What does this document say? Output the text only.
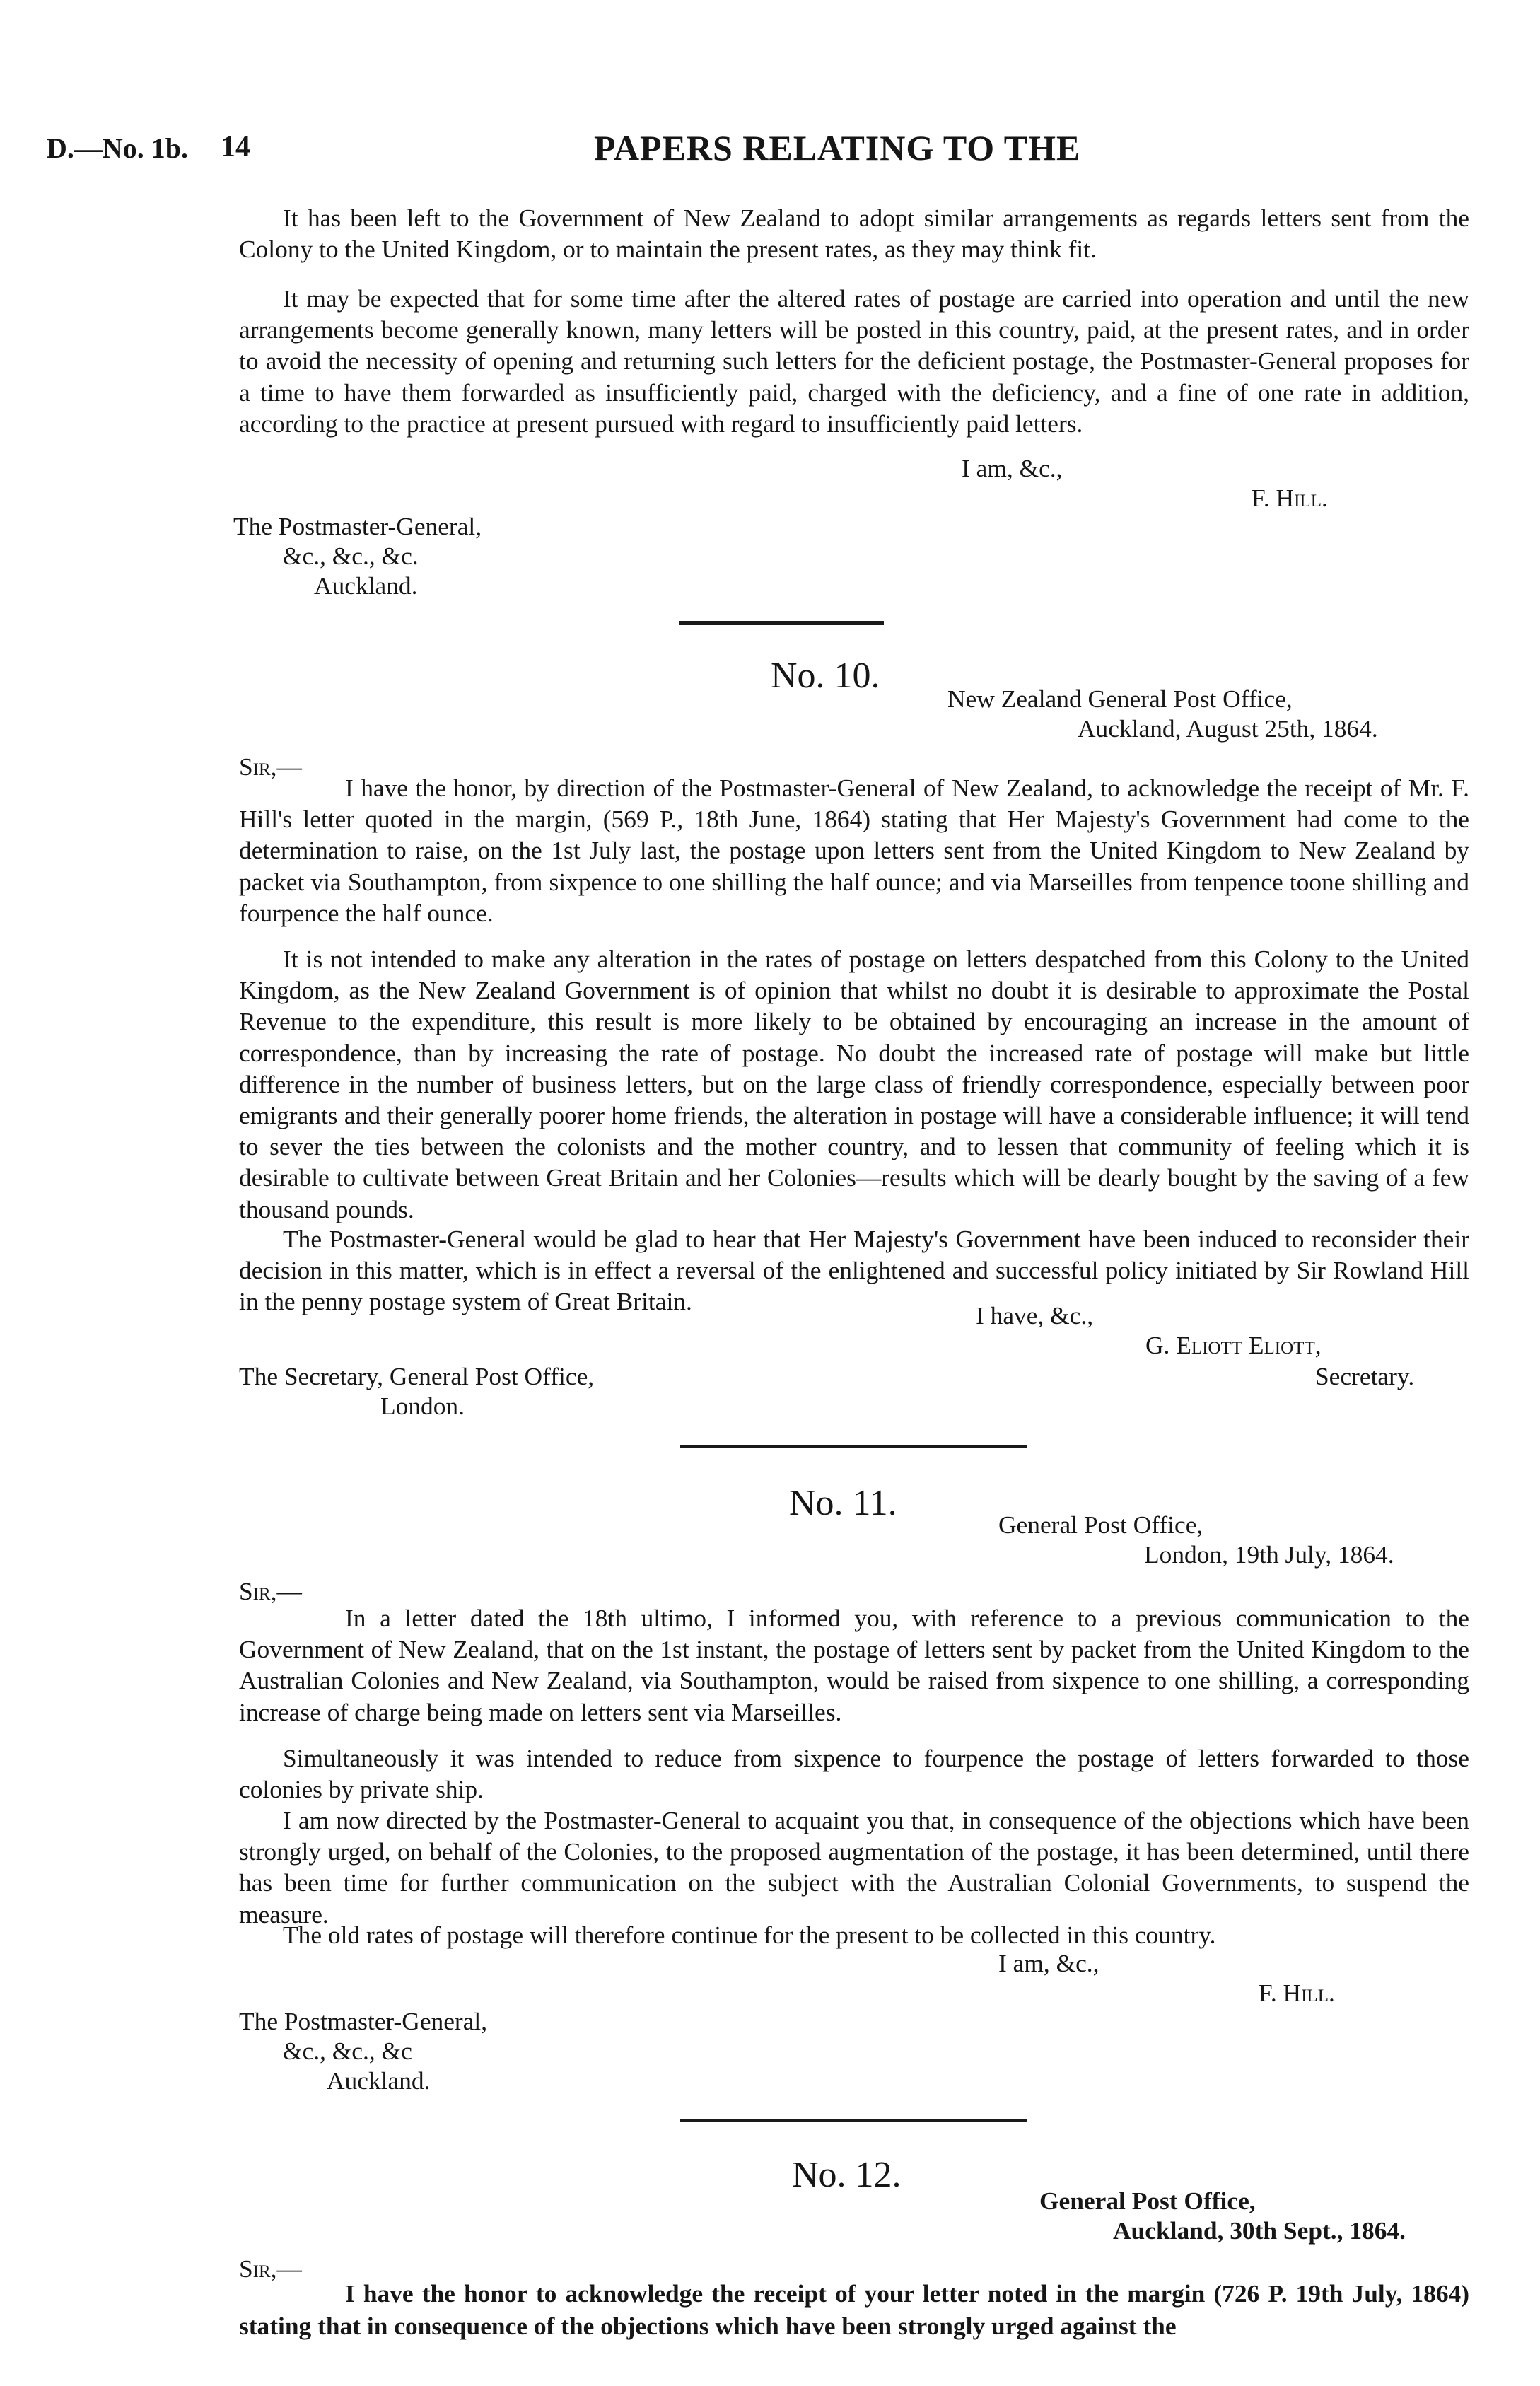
D.—No. 1b. 14	PAPERS RELATING TO THE

It has been left to the Government of New Zealand to adopt similar arrangements as regards letters sent from the Colony to the United Kingdom, or to maintain the present rates, as they may think fit.

It may be expected that for some time after the altered rates of postage are carried into operation and until the new arrangements become generally known, many letters will be posted in this country, paid, at the present rates, and in order to avoid the necessity of opening and returning such letters for the deficient postage, the Postmaster-General proposes for a time to have them forwarded as insufficiently paid, charged with the deficiency, and a fine of one rate in addition, according to the practice at present pursued with regard to insufficiently paid letters.

I am, &c.,
F. Hill.
The Postmaster-General,
&c., &c., &c.
Auckland.
No. 10.
New Zealand General Post Office,
Auckland, August 25th, 1864.
Sir,—

I have the honor, by direction of the Postmaster-General of New Zealand, to acknowledge the receipt of Mr. F. Hill's letter quoted in the margin, (569 P., 18th June, 1864) stating that Her Majesty's Government had come to the determination to raise, on the 1st July last, the postage upon letters sent from the United Kingdom to New Zealand by packet via Southampton, from sixpence to one shilling the half ounce; and via Marseilles from tenpence toone shilling and fourpence the half ounce.

It is not intended to make any alteration in the rates of postage on letters despatched from this Colony to the United Kingdom, as the New Zealand Government is of opinion that whilst no doubt it is desirable to approximate the Postal Revenue to the expenditure, this result is more likely to be obtained by encouraging an increase in the amount of correspondence, than by increasing the rate of postage. No doubt the increased rate of postage will make but little difference in the number of business letters, but on the large class of friendly correspondence, especially between poor emigrants and their generally poorer home friends, the alteration in postage will have a considerable influence; it will tend to sever the ties between the colonists and the mother country, and to lessen that community of feeling which it is desirable to cultivate between Great Britain and her Colonies—results which will be dearly bought by the saving of a few thousand pounds.

The Postmaster-General would be glad to hear that Her Majesty's Government have been induced to reconsider their decision in this matter, which is in effect a reversal of the enlightened and successful policy initiated by Sir Rowland Hill in the penny postage system of Great Britain.	I have, &c.,
G. Eliott Eliott,
The Secretary, General Post Office,	Secretary.
London.
No. 11.
General Post Office,
London, 19th July, 1864.
Sir,—

In a letter dated the 18th ultimo, I informed you, with reference to a previous communication to the Government of New Zealand, that on the 1st instant, the postage of letters sent by packet from the United Kingdom to the Australian Colonies and New Zealand, via Southampton, would be raised from sixpence to one shilling, a corresponding increase of charge being made on letters sent via Marseilles.

Simultaneously it was intended to reduce from sixpence to fourpence the postage of letters forwarded to those colonies by private ship.

I am now directed by the Postmaster-General to acquaint you that, in consequence of the objections which have been strongly urged, on behalf of the Colonies, to the proposed augmentation of the postage, it has been determined, until there has been time for further communication on the subject with the Australian Colonial Governments, to suspend the measure.

The old rates of postage will therefore continue for the present to be collected in this country.

I am, &c.,
F. Hill.
The Postmaster-General,
&c., &c., &c
Auckland.
No. 12.
General Post Office,
Auckland, 30th Sept., 1864.
Sir,—

I have the honor to acknowledge the receipt of your letter noted in the margin (726 P. 19th July, 1864) stating that in consequence of the objections which have been strongly urged against the
